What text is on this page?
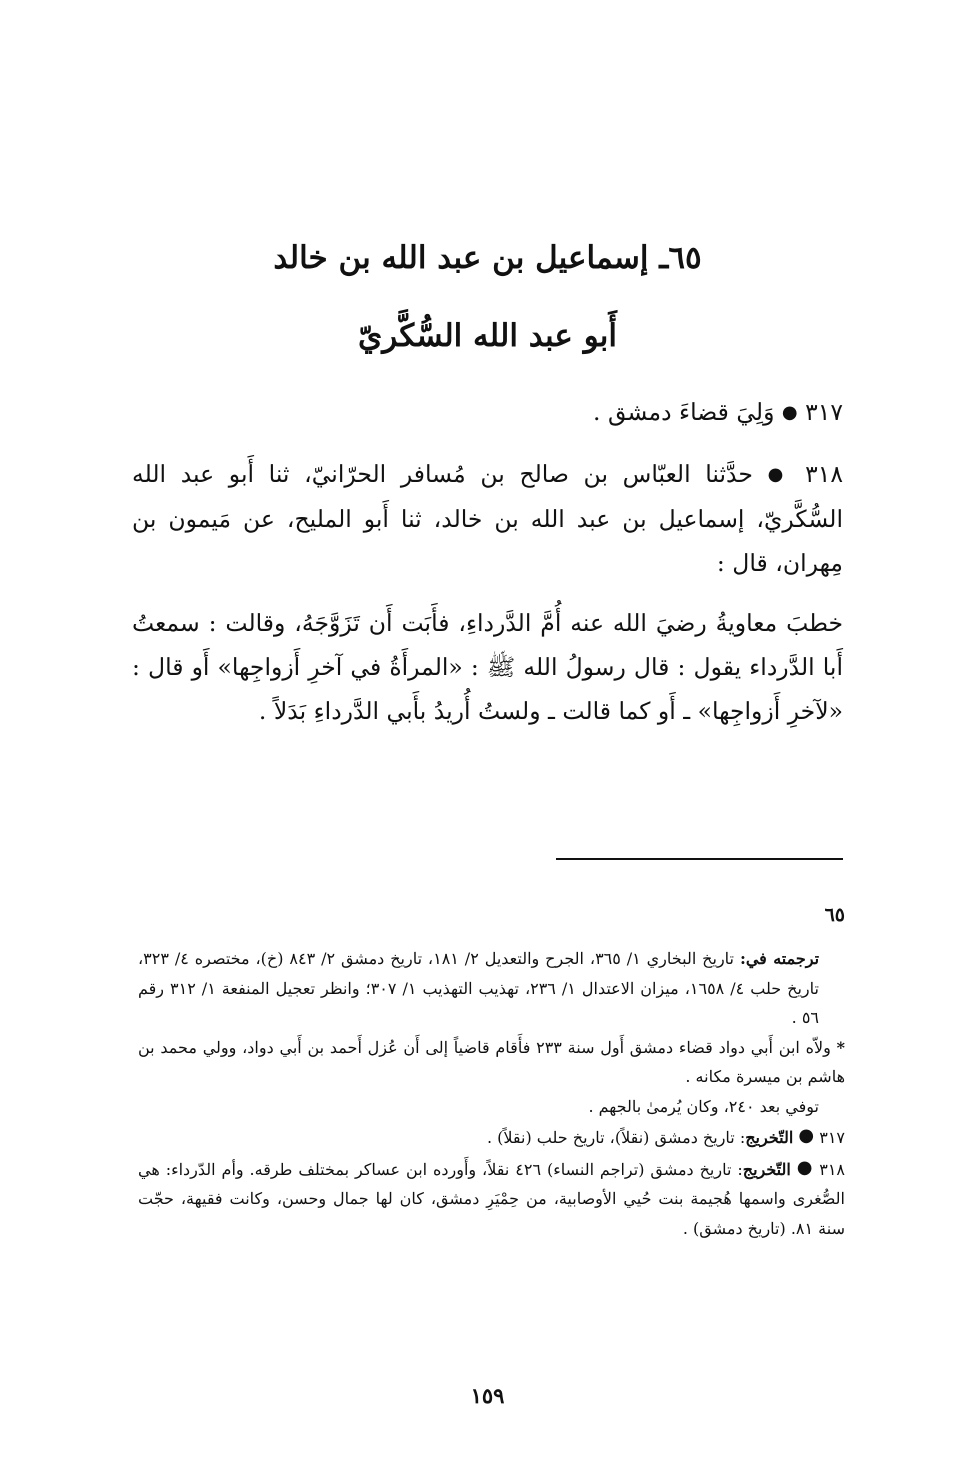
٦٥ـ إسماعيل بن عبد الله بن خالد
أَبو عبد الله السُّكَّريّ
٣١٧ ● وَلِيَ قضاءَ دمشق .
٣١٨ ● حدَّثنا العبّاس بن صالح بن مُسافر الحرّانيّ، ثنا أَبو عبد الله السُّكَّريّ، إسماعيل بن عبد الله بن خالد، ثنا أَبو المليح، عن مَيمون بن مِهران، قال :
خطبَ معاويةُ رضيَ الله عنه أُمَّ الدَّرداءِ، فأَبَت أَن تَزَوَّجَهُ، وقالت : سمعتُ أَبا الدَّرداء يقول : قال رسولُ الله ﷺ : «المرأَةُ في آخرِ أَزواجِها» أَو قال : «لآخرِ أَزواجِها» ـ أَو كما قالت ـ ولستُ أُريدُ بأَبي الدَّرداءِ بَدَلاً .
٦٥

ترجمته في: تاريخ البخاري ١/ ٣٦٥، الجرح والتعديل ٢/ ١٨١، تاريخ دمشق ٢/ ٨٤٣ (خ)، مختصره ٤/ ٣٢٣، تاريخ حلب ٤/ ١٦٥٨، ميزان الاعتدال ١/ ٢٣٦، تهذيب التهذيب ١/ ٣٠٧؛ وانظر تعجيل المنفعة ١/ ٣١٢ رقم ٥٦ .

* ولاّه ابن أَبي دواد قضاء دمشق أَول سنة ٢٣٣ فأَقام قاضياً إلى أَن عُزل أَحمد بن أَبي دواد، وولي محمد بن هاشم بن ميسرة مكانه .

توفي بعد ٢٤٠، وكان يُرمىٰ بالجهم .

٣١٧ ● التّخريج: تاريخ دمشق (نقلاً)، تاريخ حلب (نقلاً) .

٣١٨ ● التّخريج: تاريخ دمشق (تراجم النساء) ٤٢٦ نقلاً، وأَورده ابن عساكر بمختلف طرقه. وأم الدّرداء: هي الصُّغرى واسمها هُجيمة بنت حُيي الأوصابية، من حِمْيَرِ دمشق، كان لها جمال وحسن، وكانت فقيهة، حجّت سنة ٨١. (تاريخ دمشق) .

١٥٩
